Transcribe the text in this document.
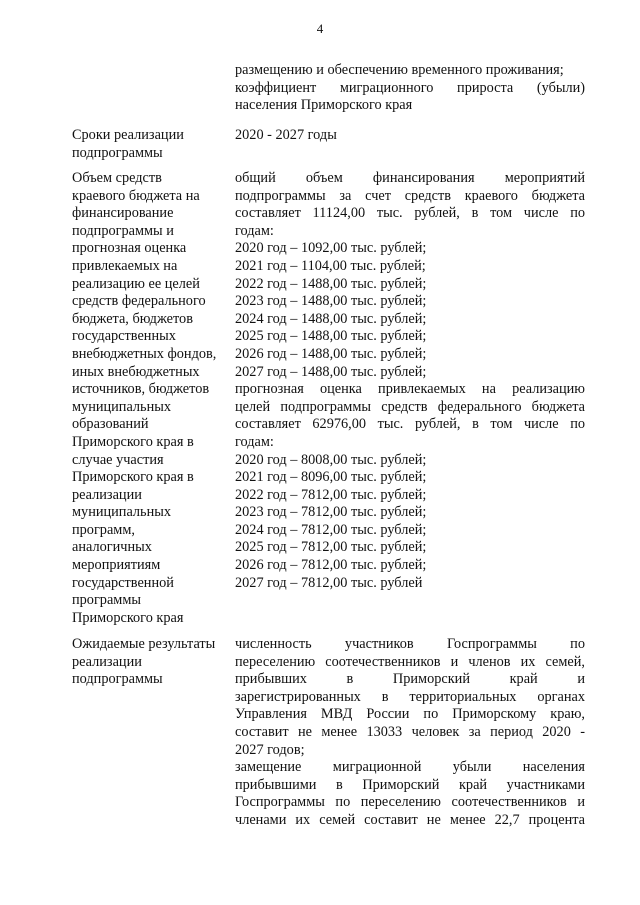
4
размещению и обеспечению временного проживания;
коэффициент миграционного прироста (убыли)
населения Приморского края
Сроки реализации
подпрограммы
2020 - 2027 годы
Объем средств
краевого бюджета на
финансирование
подпрограммы и
прогнозная оценка
привлекаемых на
реализацию ее целей
средств федерального
бюджета, бюджетов
государственных
внебюджетных фондов,
иных внебюджетных
источников, бюджетов
муниципальных
образований
Приморского края в
случае участия
Приморского края в
реализации
муниципальных
программ,
аналогичных
мероприятиям
государственной
программы
Приморского края
общий объем финансирования мероприятий
подпрограммы за счет средств краевого бюджета
составляет 11124,00 тыс. рублей, в том числе по
годам:
2020 год – 1092,00 тыс. рублей;
2021 год – 1104,00 тыс. рублей;
2022 год – 1488,00 тыс. рублей;
2023 год – 1488,00 тыс. рублей;
2024 год – 1488,00 тыс. рублей;
2025 год – 1488,00 тыс. рублей;
2026 год – 1488,00 тыс. рублей;
2027 год – 1488,00 тыс. рублей;
прогнозная оценка привлекаемых на реализацию
целей подпрограммы средств федерального бюджета
составляет 62976,00 тыс. рублей, в том числе по
годам:
2020 год – 8008,00 тыс. рублей;
2021 год – 8096,00 тыс. рублей;
2022 год – 7812,00 тыс. рублей;
2023 год – 7812,00 тыс. рублей;
2024 год – 7812,00 тыс. рублей;
2025 год – 7812,00 тыс. рублей;
2026 год – 7812,00 тыс. рублей;
2027 год – 7812,00 тыс. рублей
Ожидаемые результаты
реализации
подпрограммы
численность участников Госпрограммы по
переселению соотечественников и членов их семей,
прибывших в Приморский край и
зарегистрированных в территориальных органах
Управления МВД России по Приморскому краю,
составит не менее 13033 человек за период 2020 -
2027 годов;
замещение миграционной убыли населения
прибывшими в Приморский край участниками
Госпрограммы по переселению соотечественников и
членами их семей составит не менее 22,7 процента
